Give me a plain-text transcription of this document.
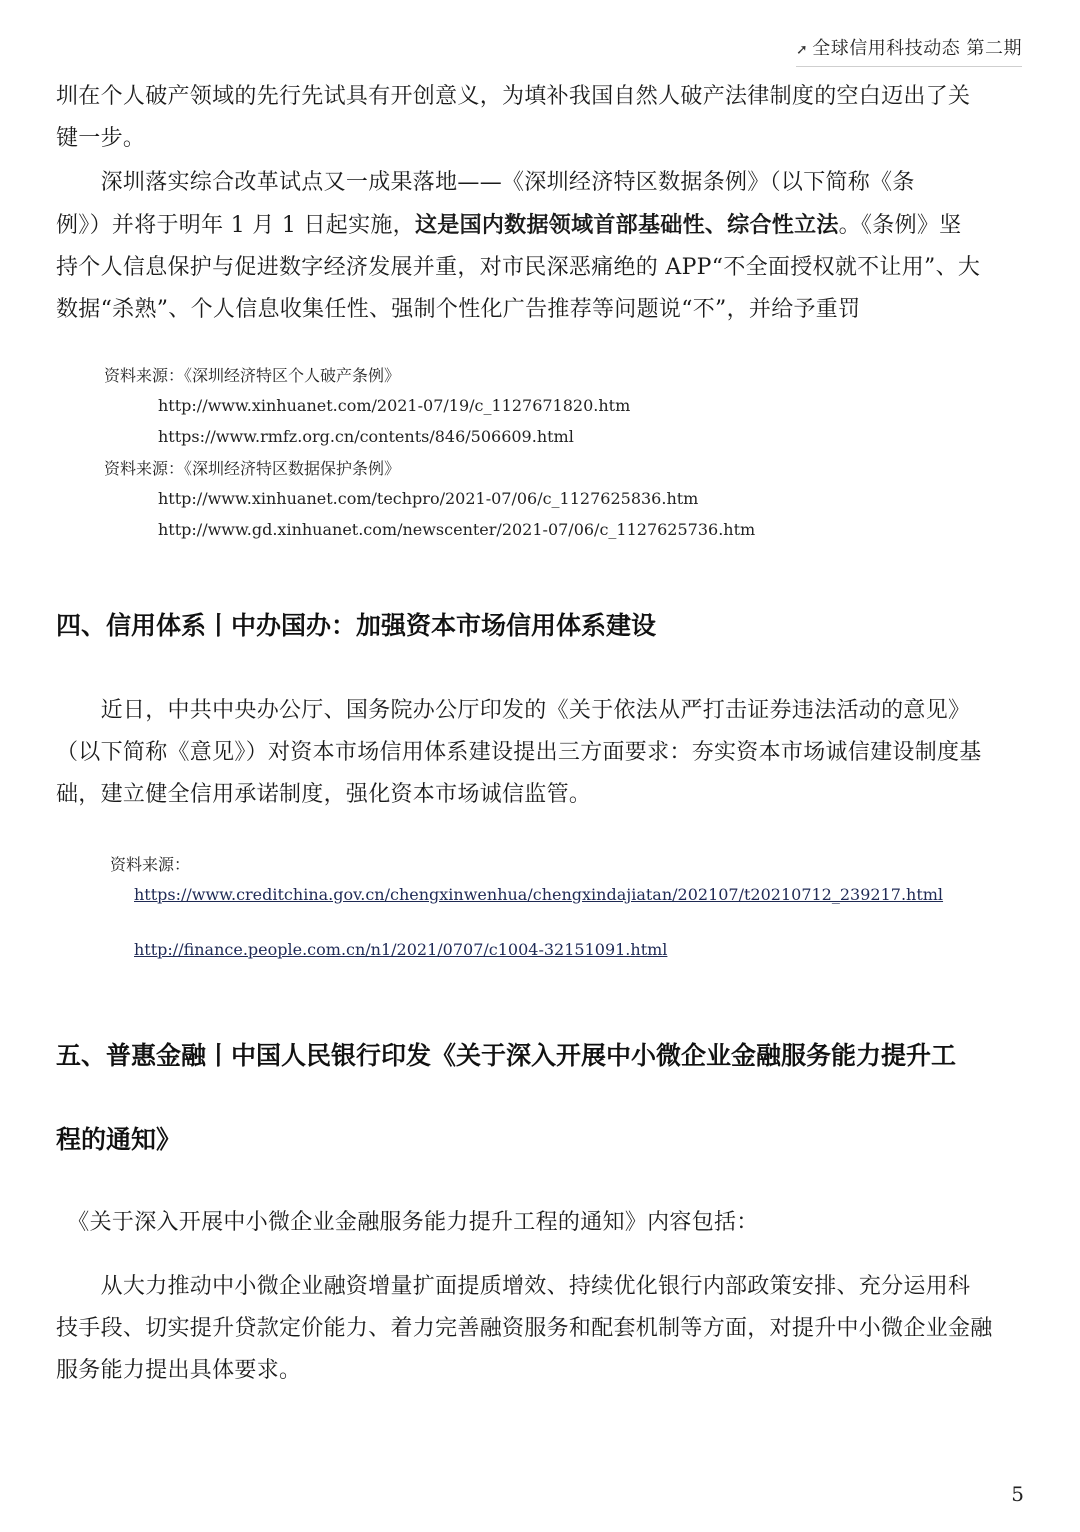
➚ 全球信用科技动态 第二期
圳在个人破产领域的先行先试具有开创意义，为填补我国自然人破产法律制度的空白迈出了关
键一步。
　　深圳落实综合改革试点又一成果落地——《深圳经济特区数据条例》（以下简称《条
例》）并将于明年 1 月 1 日起实施，这是国内数据领域首部基础性、综合性立法。《条例》坚
持个人信息保护与促进数字经济发展并重，对市民深恶痛绝的 APP“不全面授权就不让用”、大
数据“杀熟”、个人信息收集任性、强制个性化广告推荐等问题说“不”，并给予重罚
资料来源：《深圳经济特区个人破产条例》
http://www.xinhuanet.com/2021-07/19/c_1127671820.htm
https://www.rmfz.org.cn/contents/846/506609.html
资料来源：《深圳经济特区数据保护条例》
http://www.xinhuanet.com/techpro/2021-07/06/c_1127625836.htm
http://www.gd.xinhuanet.com/newscenter/2021-07/06/c_1127625736.htm
四、信用体系丨中办国办：加强资本市场信用体系建设
　　近日，中共中央办公厅、国务院办公厅印发的《关于依法从严打击证券违法活动的意见》
（以下简称《意见》）对资本市场信用体系建设提出三方面要求：夯实资本市场诚信建设制度基
础，建立健全信用承诺制度，强化资本市场诚信监管。
资料来源：
https://www.creditchina.gov.cn/chengxinwenhua/chengxindajiatan/202107/t20210712_239217.html
http://finance.people.com.cn/n1/2021/0707/c1004-32151091.html
五、普惠金融丨中国人民银行印发《关于深入开展中小微企业金融服务能力提升工
程的通知》
　《关于深入开展中小微企业金融服务能力提升工程的通知》内容包括：
　　从大力推动中小微企业融资增量扩面提质增效、持续优化银行内部政策安排、充分运用科
技手段、切实提升贷款定价能力、着力完善融资服务和配套机制等方面，对提升中小微企业金融
服务能力提出具体要求。
5
